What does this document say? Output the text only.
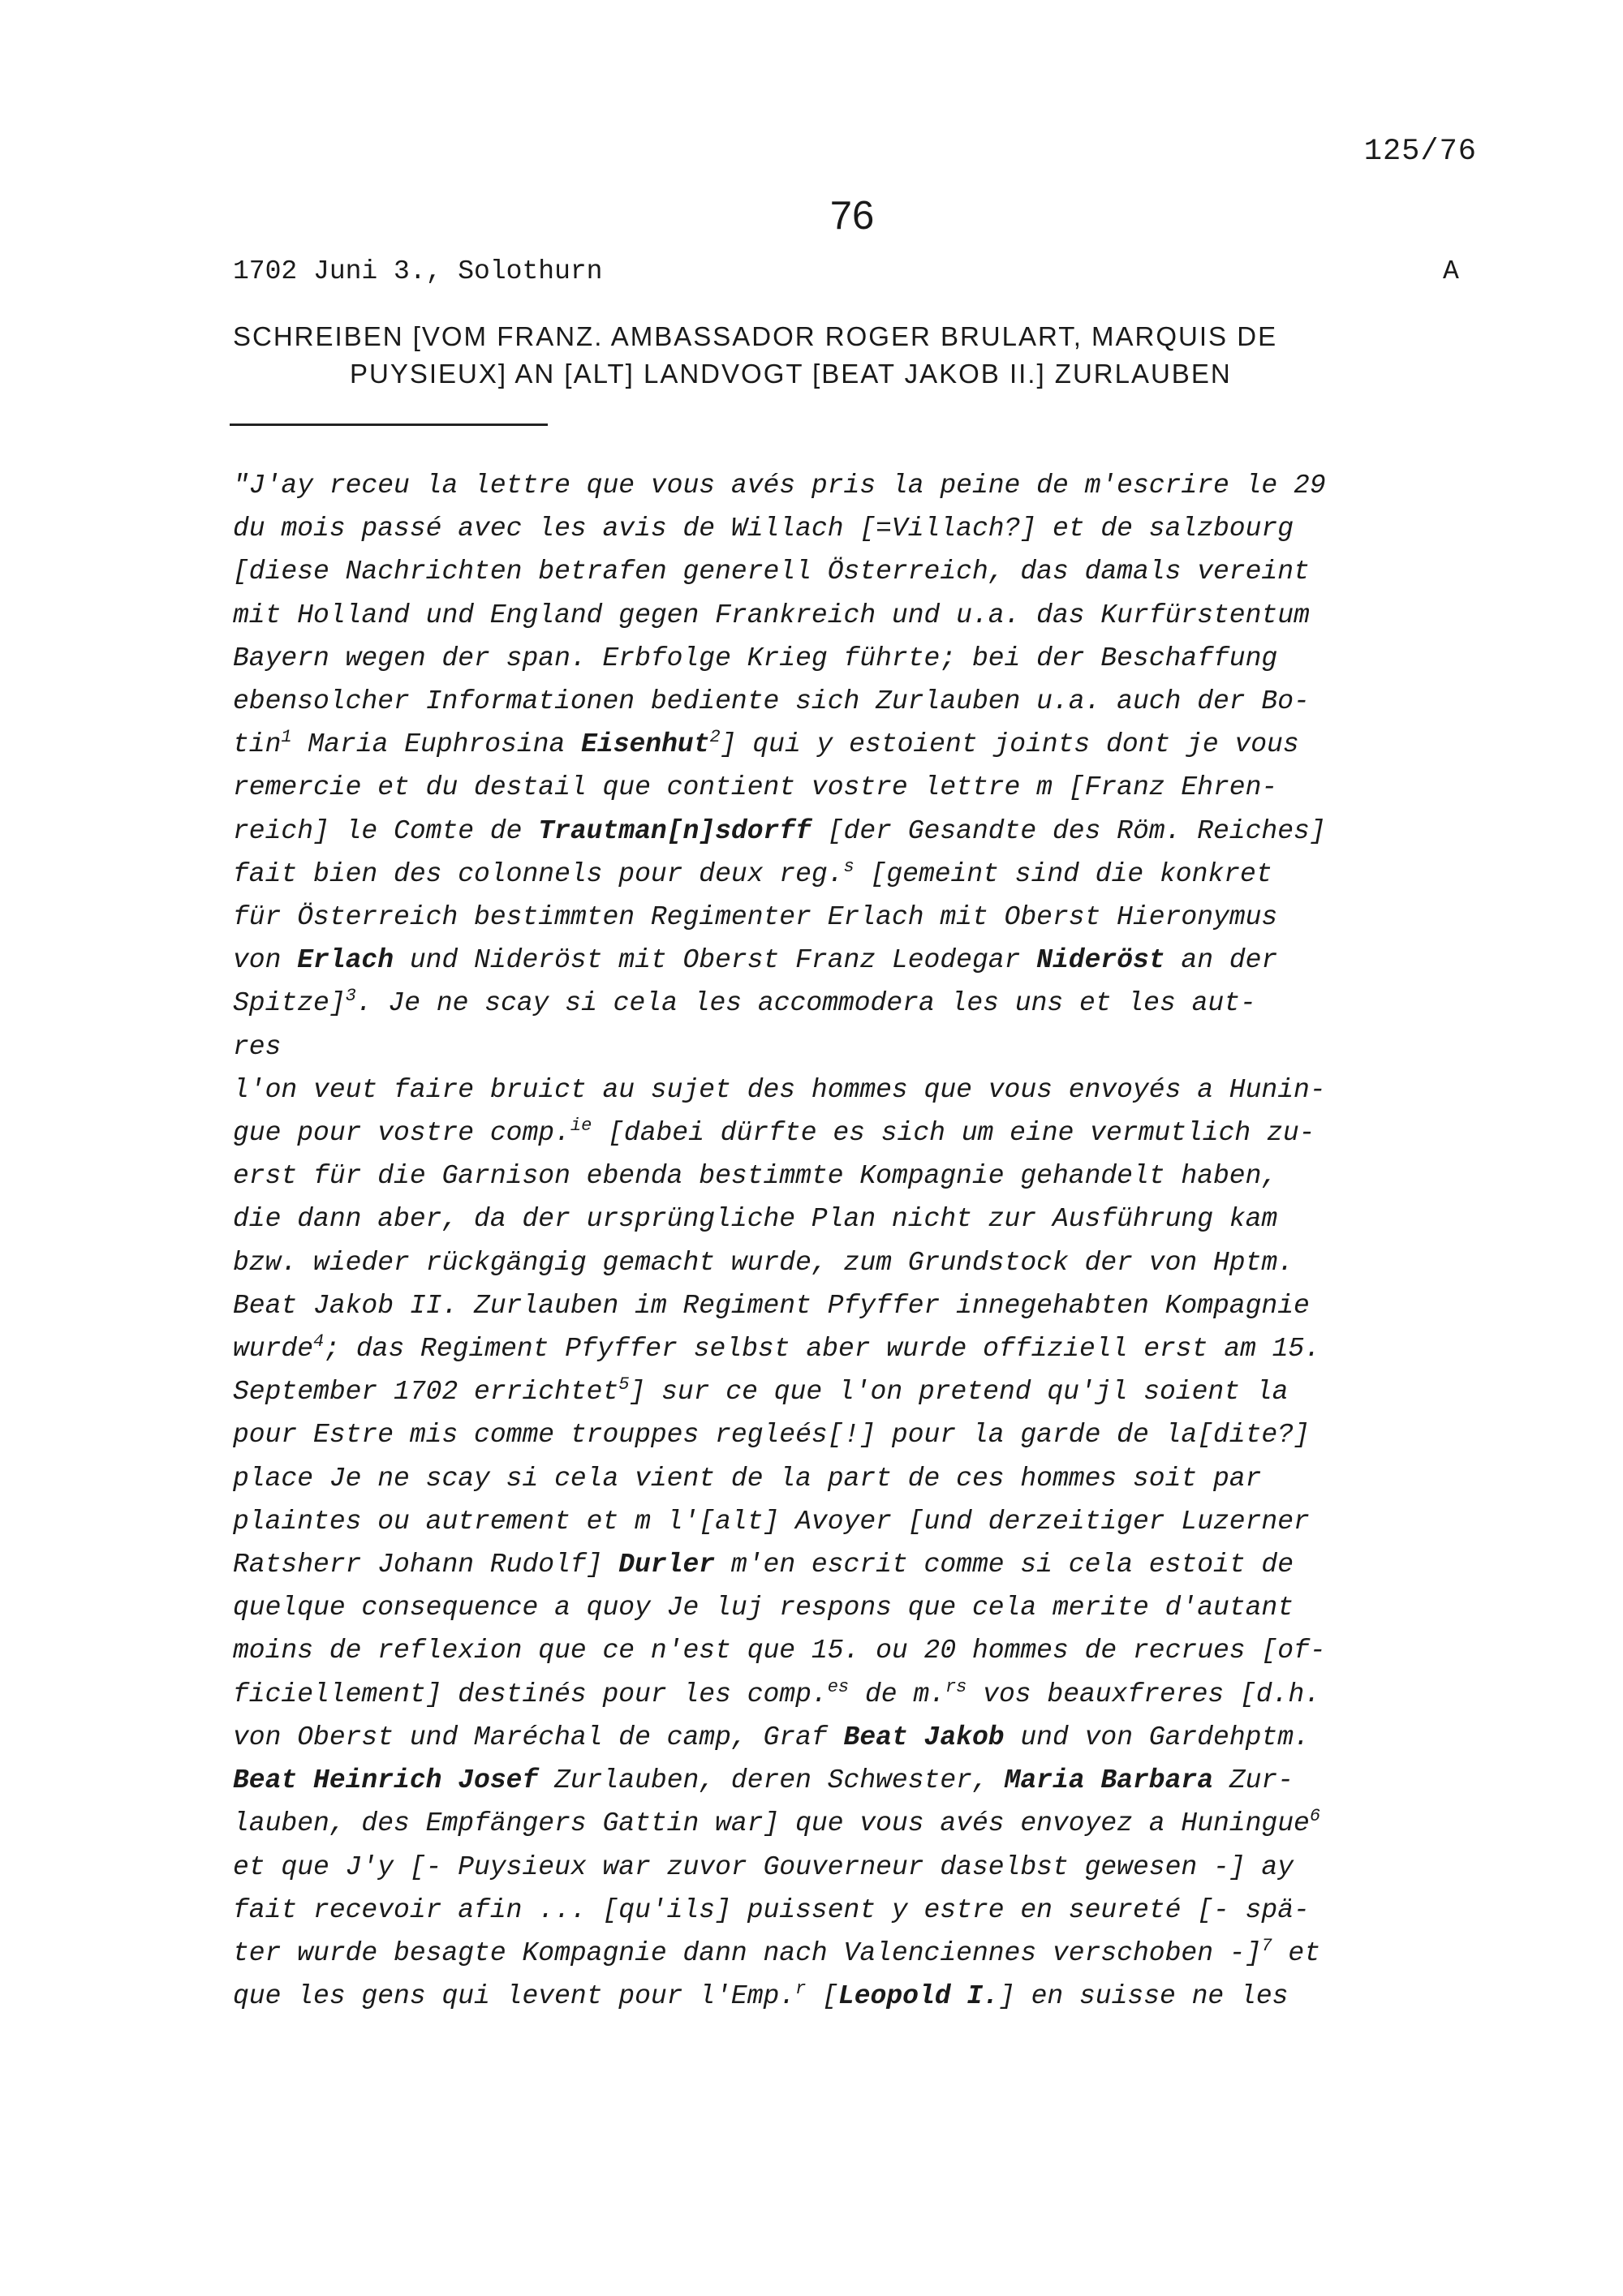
125/76

76

1702 Juni 3., Solothurn	A

SCHREIBEN [VOM FRANZ. AMBASSADOR ROGER BRULART, MARQUIS DE
PUYSIEUX] AN [ALT] LANDVOGT [BEAT JAKOB II.] ZURLAUBEN

"J'ay receu la lettre que vous avés pris la peine de m'escrire le 29
du mois passé avec les avis de Willach [=Villach?] et de salzbourg
[diese Nachrichten betrafen generell Österreich, das damals vereint
mit Holland und England gegen Frankreich und u.a. das Kurfürstentum
Bayern wegen der span. Erbfolge Krieg führte; bei der Beschaffung
ebensolcher Informationen bediente sich Zurlauben u.a. auch der Bo-
tin$^1$ Maria Euphrosina Eisenhut$^2$] qui y estoient joints dont je vous
remercie et du destail que contient vostre lettre m [Franz Ehren-
reich] le Comte de Trautman[n]sdorff [der Gesandte des Röm. Reiches]
fait bien des colonnels pour deux reg.$^s$ [gemeint sind die konkret
für Österreich bestimmten Regimenter Erlach mit Oberst Hieronymus
von Erlach und Nideröst mit Oberst Franz Leodegar Nideröst an der
Spitze]$^3$. Je ne scay si cela les accommodera les uns et les aut-
res
l'on veut faire bruict au sujet des hommes que vous envoyés a Hunin-
gue pour vostre comp.$^{ie}$ [dabei dürfte es sich um eine vermutlich zu-
erst für die Garnison ebenda bestimmte Kompagnie gehandelt haben,
die dann aber, da der ursprüngliche Plan nicht zur Ausführung kam
bzw. wieder rückgängig gemacht wurde, zum Grundstock der von Hptm.
Beat Jakob II. Zurlauben im Regiment Pfyffer innegehabten Kompagnie
wurde$^4$; das Regiment Pfyffer selbst aber wurde offiziell erst am 15.
September 1702 errichtet$^5$] sur ce que l'on pretend qu'jl soient la
pour Estre mis comme trouppes regleés[!] pour la garde de la[dite?]
place Je ne scay si cela vient de la part de ces hommes soit par
plaintes ou autrement et m l'[alt] Avoyer [und derzeitiger Luzerner
Ratsherr Johann Rudolf] Durler m'en escrit comme si cela estoit de
quelque consequence a quoy Je luj respons que cela merite d'autant
moins de reflexion que ce n'est que 15. ou 20 hommes de recrues [of-
ficiellement] destinés pour les comp.$^{es}$ de m.$^{rs}$ vos beauxfreres [d.h.
von Oberst und Maréchal de camp, Graf Beat Jakob und von Gardehptm.
Beat Heinrich Josef Zurlauben, deren Schwester, Maria Barbara Zur-
lauben, des Empfängers Gattin war] que vous avés envoyez a Huningue$^6$
et que J'y [- Puysieux war zuvor Gouverneur daselbst gewesen -] ay
fait recevoir afin ... [qu'ils] puissent y estre en seureté [- spä-
ter wurde besagte Kompagnie dann nach Valenciennes verschoben -]$^7$ et
que les gens qui levent pour l'Emp.$^r$ [Leopold I.] en suisse ne les
